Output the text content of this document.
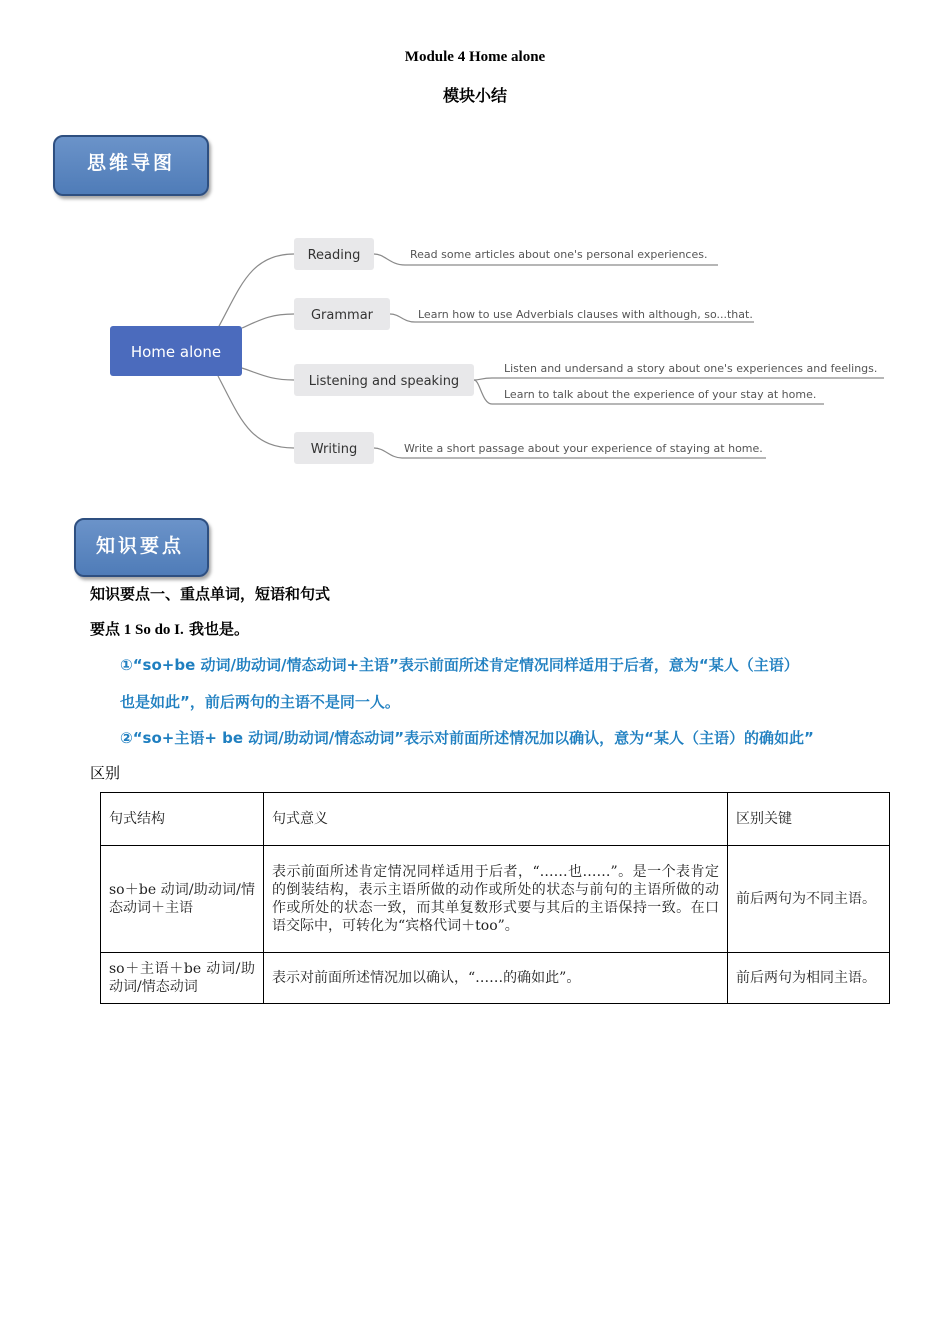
Module 4 Home alone
模块小结
思维导图
Home alone
Reading
Grammar
Listening and speaking
Writing
Read some articles about one's personal experiences.
Learn how to use Adverbials clauses with although, so...that.
Listen and undersand a story about one's experiences and feelings.
Learn to talk about the experience of your stay at home.
Write a short passage about your experience of staying at home.
知识要点
知识要点一、重点单词，短语和句式
要点 1 So do I. 我也是。
①“so+be 动词/助动词/情态动词+主语”表示前面所述肯定情况同样适用于后者，意为“某人（主语）
也是如此”，前后两句的主语不是同一人。
②“so+主语+ be 动词/助动词/情态动词”表示对前面所述情况加以确认，意为“某人（主语）的确如此”
区别
句式结构	句式意义	区别关键
so＋be 动词/助动词/情态动词＋主语	表示前面所述肯定情况同样适用于后者，“……也……”。是一个表肯定的倒装结构，表示主语所做的动作或所处的状态与前句的主语所做的动作或所处的状态一致，而其单复数形式要与其后的主语保持一致。在口语交际中，可转化为“宾格代词＋too”。	前后两句为不同主语。
so＋主语＋be 动词/助动词/情态动词	表示对前面所述情况加以确认，“……的确如此”。	前后两句为相同主语。
